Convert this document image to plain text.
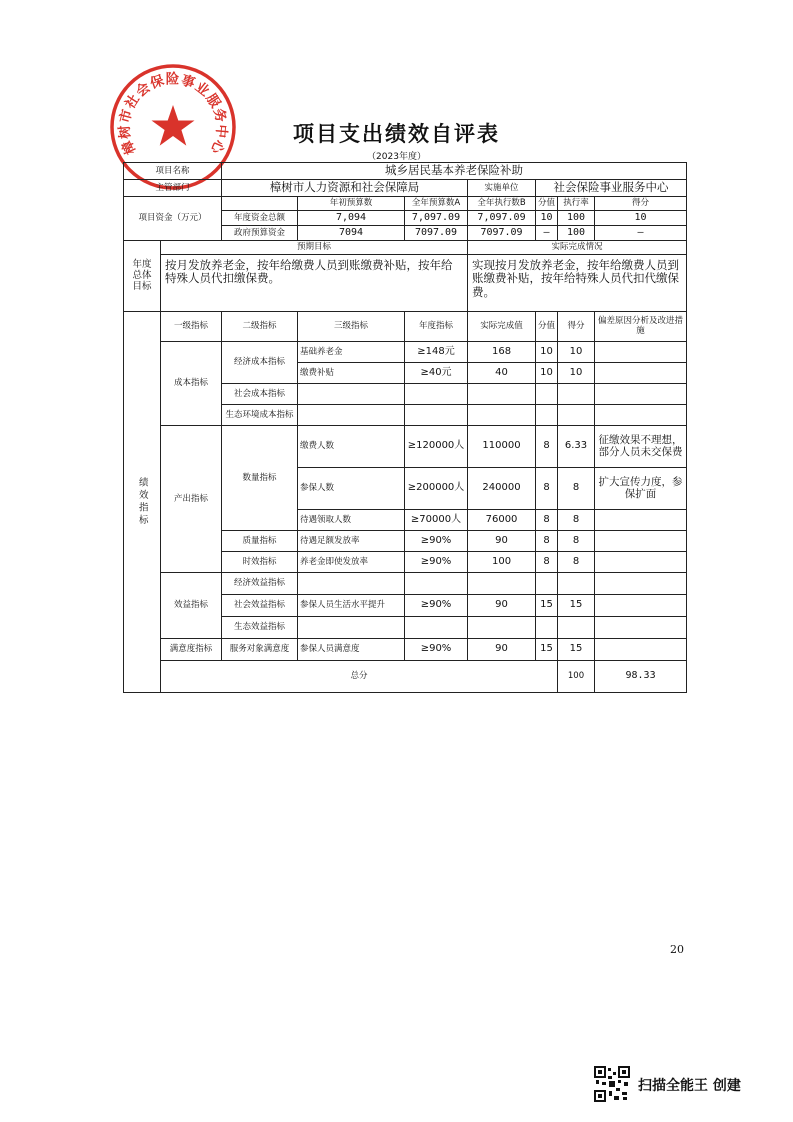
樟树市社会保险事业服务中心
项目支出绩效自评表
（2023年度）
项目名称		城乡居民基本养老保险补助							
主管部门		樟树市人力资源和社会保障局			实施单位	社会保险事业服务中心			
项目资金（万元）			年初预算数	全年预算数A	全年执行数B	分值	执行率	得分	
		年度资金总额	7,094	7,097.09	7,097.09	10	100	10	
		政府预算资金	7094	7097.09	7097.09	—	100	—	

年度总体目标	预期目标				实际完成情况				
	按月发放养老金，按年给缴费人员到账缴费补贴，按年给特殊人员代扣缴保费。				实现按月发放养老金，按年给缴费人员到账缴费补贴，按年给特殊人员代扣代缴保费。				

绩效指标	一级指标	二级指标	三级指标	年度指标	实际完成值	分值	得分	偏差原因分析及改进措施	
	成本指标	经济成本指标	基础养老金	≥148元	168	10	10		
			缴费补贴	≥40元	40	10	10		
		社会成本指标							
		生态环境成本指标							
	产出指标	数量指标	缴费人数	≥120000人	110000	8	6.33	征缴效果不理想，部分人员未交保费	
			参保人数	≥200000人	240000	8	8	扩大宣传力度，参保扩面	
			待遇领取人数	≥70000人	76000	8	8		
		质量指标	待遇足额发放率	≥90%	90	8	8		
		时效指标	养老金即使发放率	≥90%	100	8	8		
	效益指标	经济效益指标							
		社会效益指标	参保人员生活水平提升	≥90%	90	15	15		
		生态效益指标							
	满意度指标	服务对象满意度	参保人员满意度	≥90%	90	15	15		
	总分						100	98.33	
20
扫描全能王 创建
